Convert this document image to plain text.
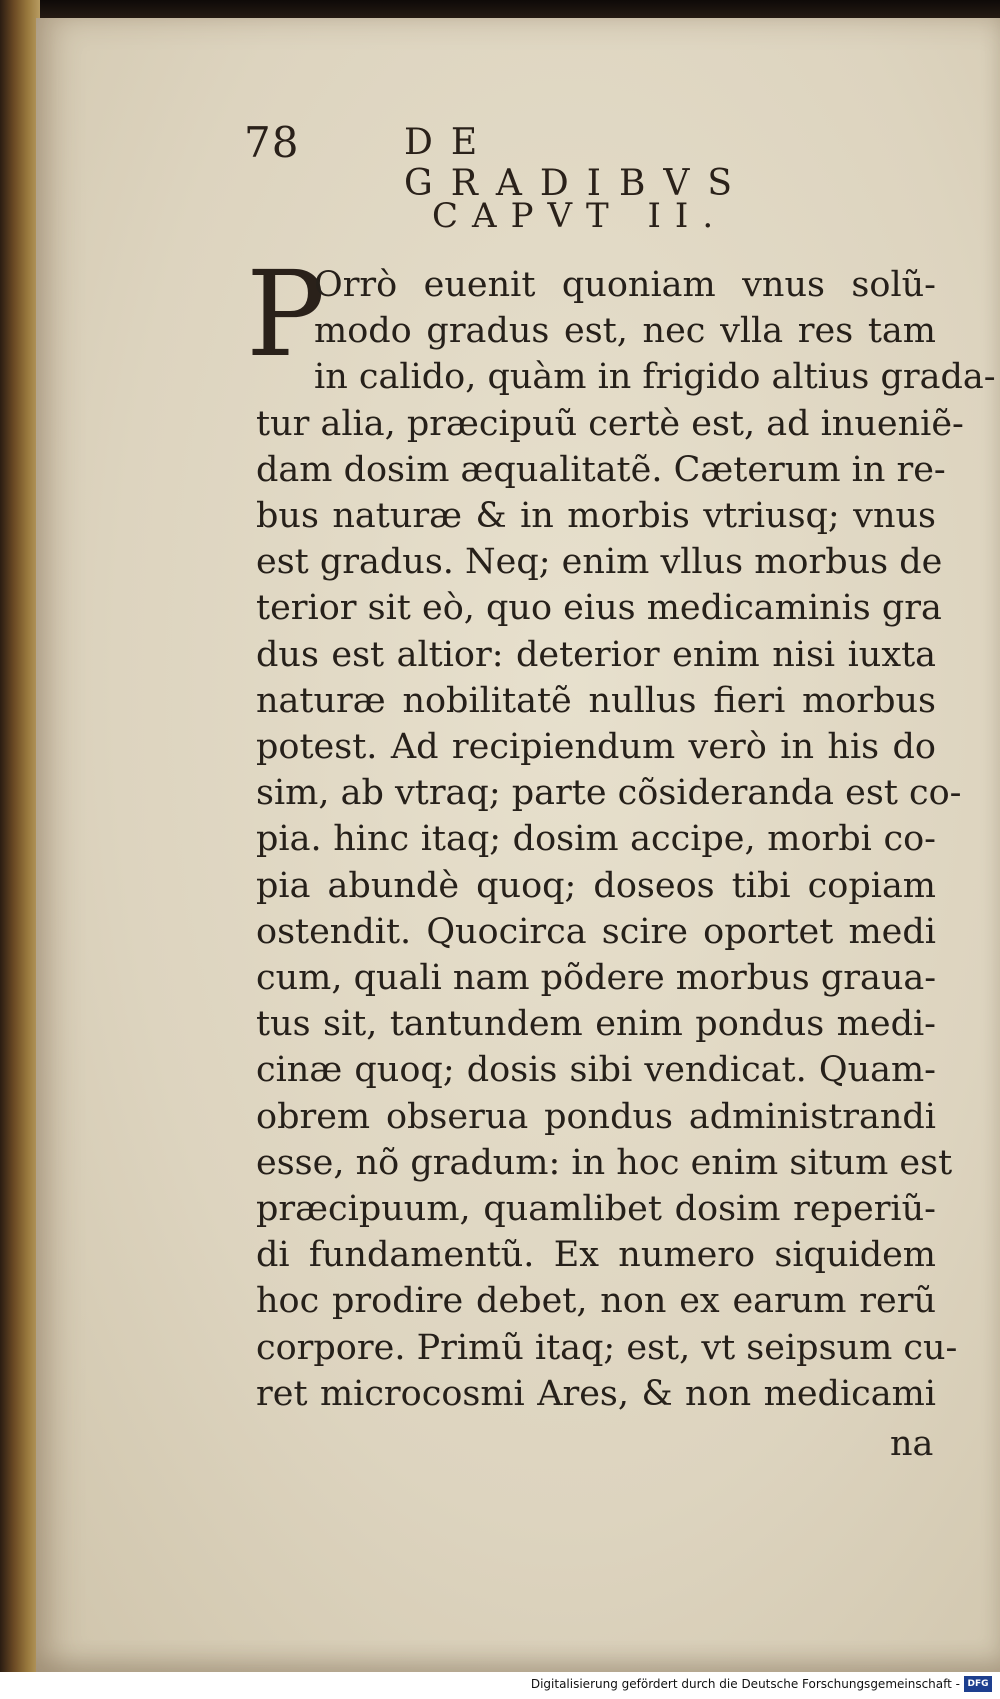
78	DE GRADIBVS
CAPVT II.
P
Orrò euenit quoniam vnus solũ-
modo gradus est, nec vlla res tam
in calido, quàm in frigido altius grada-
tur alia, præcipuũ certè est, ad inueniẽ-
dam dosim æqualitatẽ. Cæterum in re-
bus naturæ & in morbis vtriusq; vnus
est gradus. Neq; enim vllus morbus de
terior sit eò, quo eius medicaminis gra
dus est altior: deterior enim nisi iuxta
naturæ nobilitatẽ nullus fieri morbus
potest. Ad recipiendum verò in his do
sim, ab vtraq; parte cõsideranda est co-
pia. hinc itaq; dosim accipe, morbi co-
pia abundè quoq; doseos tibi copiam
ostendit. Quocirca scire oportet medi
cum, quali nam põdere morbus graua-
tus sit, tantundem enim pondus medi-
cinæ quoq; dosis sibi vendicat. Quam-
obrem obserua pondus administrandi
esse, nõ gradum: in hoc enim situm est
præcipuum, quamlibet dosim reperiũ-
di fundamentũ. Ex numero siquidem
hoc prodire debet, non ex earum rerũ
corpore. Primũ itaq; est, vt seipsum cu-
ret microcosmi Ares, & non medicami
na
Digitalisierung gefördert durch die Deutsche Forschungsgemeinschaft - DFG
